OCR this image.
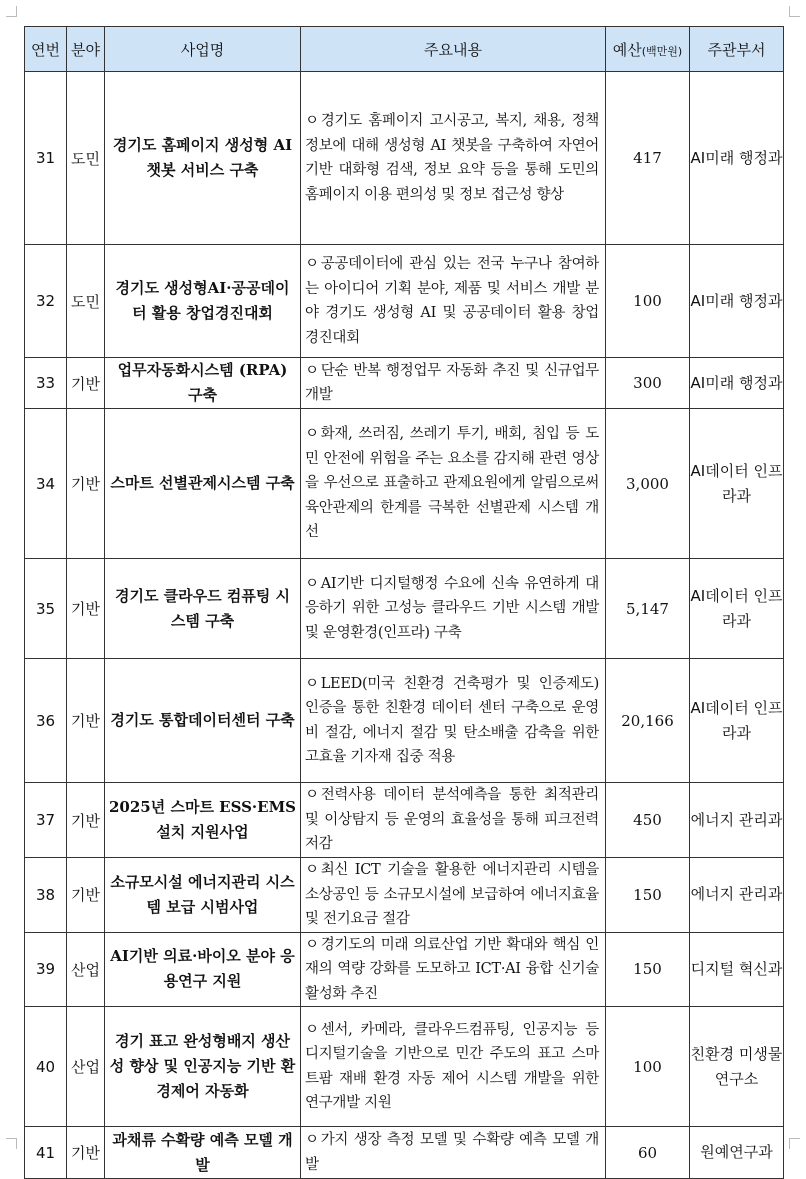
연번	분야	사업명	주요내용	예산(백만원)	주관부서
31	도민	경기도 홈페이지 생성형 AI 챗봇 서비스 구축	ㅇ 경기도 홈페이지 고시공고, 복지, 채용, 정책정보에 대해 생성형 AI 챗봇을 구축하여 자연어 기반 대화형 검색, 정보 요약 등을 통해 도민의 홈페이지 이용 편의성 및 정보 접근성 향상	417	AI미래 행정과
32	도민	경기도 생성형AI·공공데이터 활용 창업경진대회	ㅇ 공공데이터에 관심 있는 전국 누구나 참여하는 아이디어 기획 분야, 제품 및 서비스 개발 분야 경기도 생성형 AI 및 공공데이터 활용 창업 경진대회	100	AI미래 행정과
33	기반	업무자동화시스템 (RPA) 구축	ㅇ 단순 반복 행정업무 자동화 추진 및 신규업무 개발	300	AI미래 행정과
34	기반	스마트 선별관제시스템 구축	ㅇ 화재, 쓰러짐, 쓰레기 투기, 배회, 침입 등 도민 안전에 위험을 주는 요소를 감지해 관련 영상을 우선으로 표출하고 관제요원에게 알림으로써 육안관제의 한계를 극복한 선별관제 시스템 개선	3,000	AI데이터 인프라과
35	기반	경기도 클라우드 컴퓨팅 시스템 구축	ㅇ AI기반 디지털행정 수요에 신속 유연하게 대응하기 위한 고성능 클라우드 기반 시스템 개발 및 운영환경(인프라) 구축	5,147	AI데이터 인프라과
36	기반	경기도 통합데이터센터 구축	ㅇ LEED(미국 친환경 건축평가 및 인증제도) 인증을 통한 친환경 데이터 센터 구축으로 운영비 절감, 에너지 절감 및 탄소배출 감축을 위한 고효율 기자재 집중 적용	20,166	AI데이터 인프라과
37	기반	2025년 스마트 ESS·EMS 설치 지원사업	ㅇ 전력사용 데이터 분석예측을 통한 최적관리 및 이상탐지 등 운영의 효율성을 통해 피크전력 저감	450	에너지 관리과
38	기반	소규모시설 에너지관리 시스템 보급 시범사업	ㅇ 최신 ICT 기술을 활용한 에너지관리 시템을 소상공인 등 소규모시설에 보급하여 에너지효율 및 전기요금 절감	150	에너지 관리과
39	산업	AI기반 의료·바이오 분야 응용연구 지원	ㅇ 경기도의 미래 의료산업 기반 확대와 핵심 인재의 역량 강화를 도모하고 ICT·AI 융합 신기술 활성화 추진	150	디지털 혁신과
40	산업	경기 표고 완성형배지 생산성 향상 및 인공지능 기반 환경제어 자동화	ㅇ 센서, 카메라, 클라우드컴퓨팅, 인공지능 등 디지털기술을 기반으로 민간 주도의 표고 스마트팜 재배 환경 자동 제어 시스템 개발을 위한 연구개발 지원	100	친환경 미생물 연구소
41	기반	과채류 수확량 예측 모델 개발	ㅇ 가지 생장 측정 모델 및 수확량 예측 모델 개발	60	원예연구과
